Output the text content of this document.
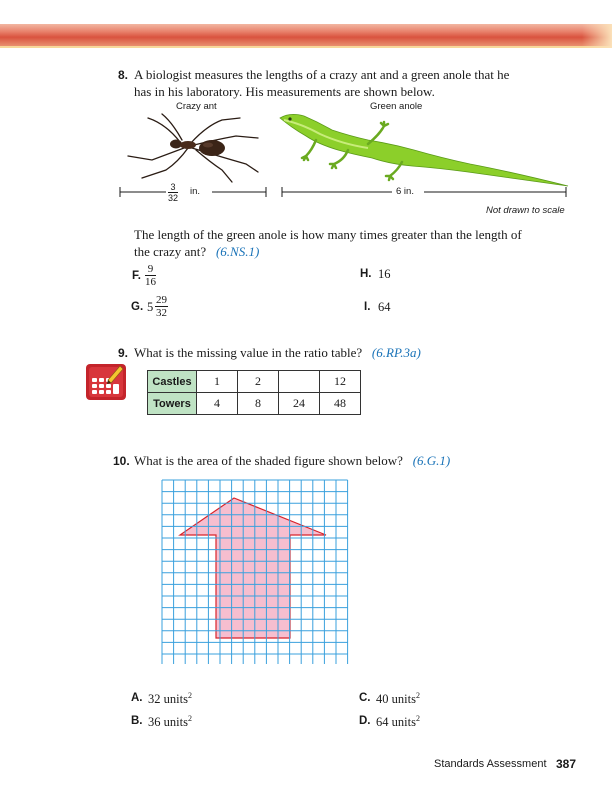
8. A biologist measures the lengths of a crazy ant and a green anole that he
has in his laboratory. His measurements are shown below.
Crazy ant	Green anole
$\frac{3}{32}$ in.	6 in.
Not drawn to scale
The length of the green anole is how many times greater than the length of
the crazy ant? (6.NS.1)
F. $\frac{9}{16}$	H. 16
G. $5 \frac{29}{32}$	I. 64
9. What is the missing value in the ratio table? (6.RP.3a)
Castles	1	2		12
Towers	4	8	24	48
10. What is the area of the shaded figure shown below? (6.G.1)
A. 32 units$^2$	C. 40 units$^2$
B. 36 units$^2$	D. 64 units$^2$
Standards Assessment 387
